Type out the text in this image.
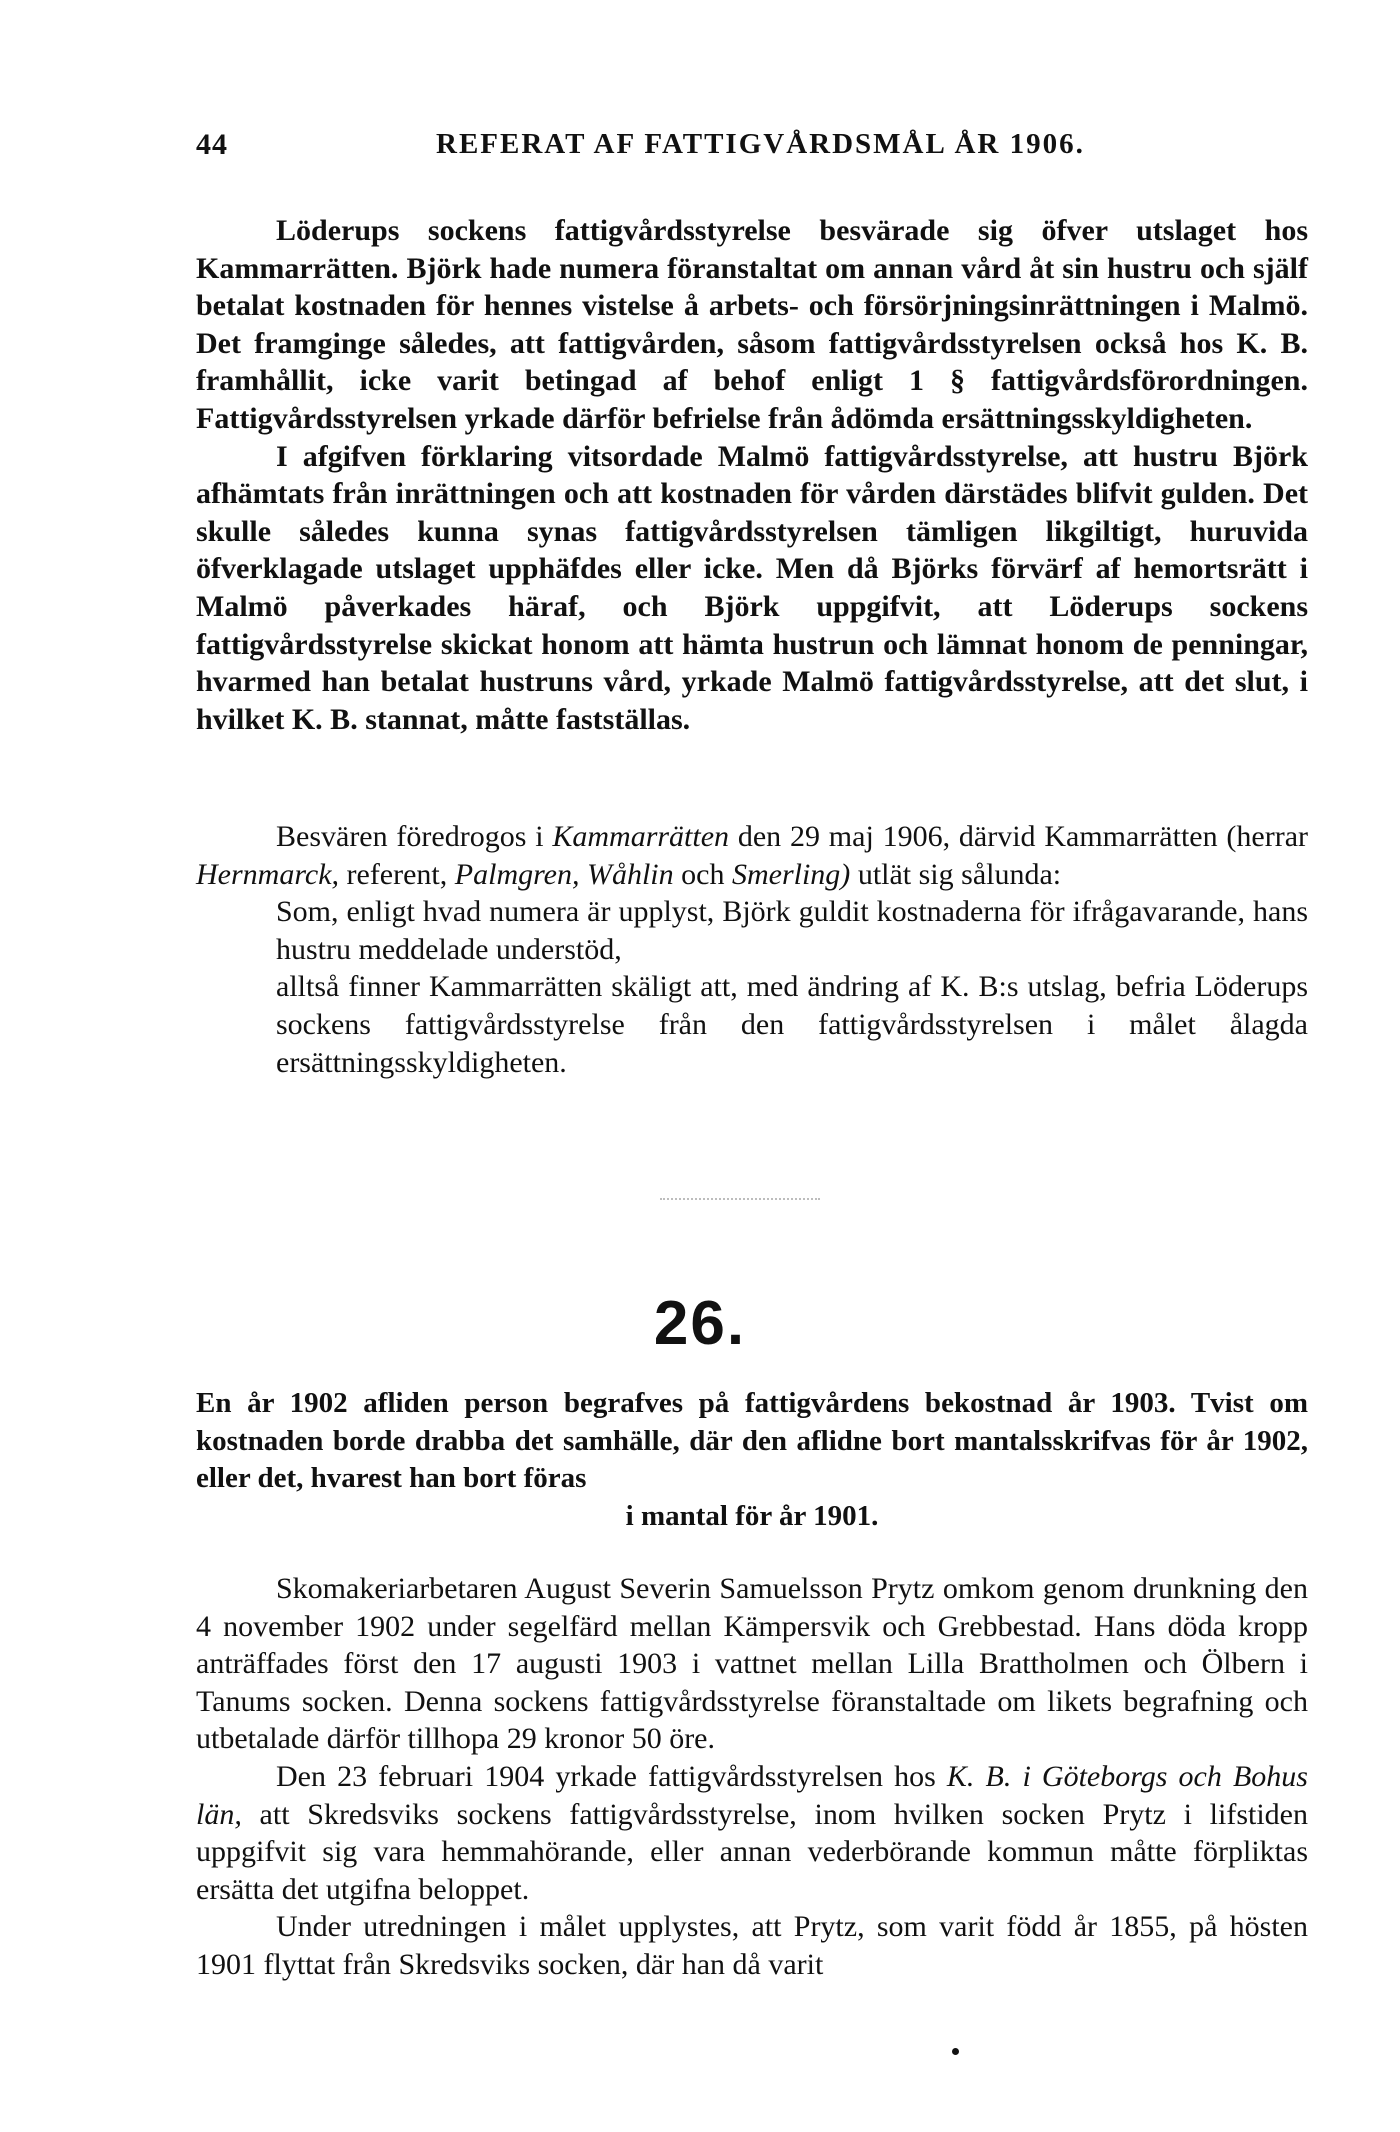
44	REFERAT AF FATTIGVÅRDSMÅL ÅR 1906.

Löderups sockens fattigvårdsstyrelse besvärade sig öfver utslaget hos Kammarrätten. Björk hade numera föranstaltat om annan vård åt sin hustru och själf betalat kostnaden för hennes vistelse å arbets- och försörjningsinrättningen i Malmö. Det framginge således, att fattigvården, såsom fattigvårdsstyrelsen också hos K. B. framhållit, icke varit betingad af behof enligt 1 § fattigvårdsförordningen. Fattigvårdsstyrelsen yrkade därför befrielse från ådömda ersättningsskyldigheten.

I afgifven förklaring vitsordade Malmö fattigvårdsstyrelse, att hustru Björk afhämtats från inrättningen och att kostnaden för vården därstädes blifvit gulden. Det skulle således kunna synas fattigvårdsstyrelsen tämligen likgiltigt, huruvida öfverklagade utslaget upphäfdes eller icke. Men då Björks förvärf af hemortsrätt i Malmö påverkades häraf, och Björk uppgifvit, att Löderups sockens fattigvårdsstyrelse skickat honom att hämta hustrun och lämnat honom de penningar, hvarmed han betalat hustruns vård, yrkade Malmö fattigvårdsstyrelse, att det slut, i hvilket K. B. stannat, måtte fastställas.

Besvären föredrogos i Kammarrätten den 29 maj 1906, därvid Kammarrätten (herrar Hernmarck, referent, Palmgren, Wåhlin och Smerling) utlät sig sålunda:

Som, enligt hvad numera är upplyst, Björk guldit kostnaderna för ifrågavarande, hans hustru meddelade understöd,

alltså finner Kammarrätten skäligt att, med ändring af K. B:s utslag, befria Löderups sockens fattigvårdsstyrelse från den fattigvårdsstyrelsen i målet ålagda ersättningsskyldigheten.

26.
En år 1902 afliden person begrafves på fattigvårdens bekostnad år 1903. Tvist om kostnaden borde drabba det samhälle, där den aflidne bort mantalsskrifvas för år 1902, eller det, hvarest han bort föras
i mantal för år 1901.

Skomakeriarbetaren August Severin Samuelsson Prytz omkom genom drunkning den 4 november 1902 under segelfärd mellan Kämpersvik och Grebbestad. Hans döda kropp anträffades först den 17 augusti 1903 i vattnet mellan Lilla Brattholmen och Ölbern i Tanums socken. Denna sockens fattigvårdsstyrelse föranstaltade om likets begrafning och utbetalade därför tillhopa 29 kronor 50 öre.

Den 23 februari 1904 yrkade fattigvårdsstyrelsen hos K. B. i Göteborgs och Bohus län, att Skredsviks sockens fattigvårdsstyrelse, inom hvilken socken Prytz i lifstiden uppgifvit sig vara hemmahörande, eller annan vederbörande kommun måtte förpliktas ersätta det utgifna beloppet.

Under utredningen i målet upplystes, att Prytz, som varit född år 1855, på hösten 1901 flyttat från Skredsviks socken, där han då varit
